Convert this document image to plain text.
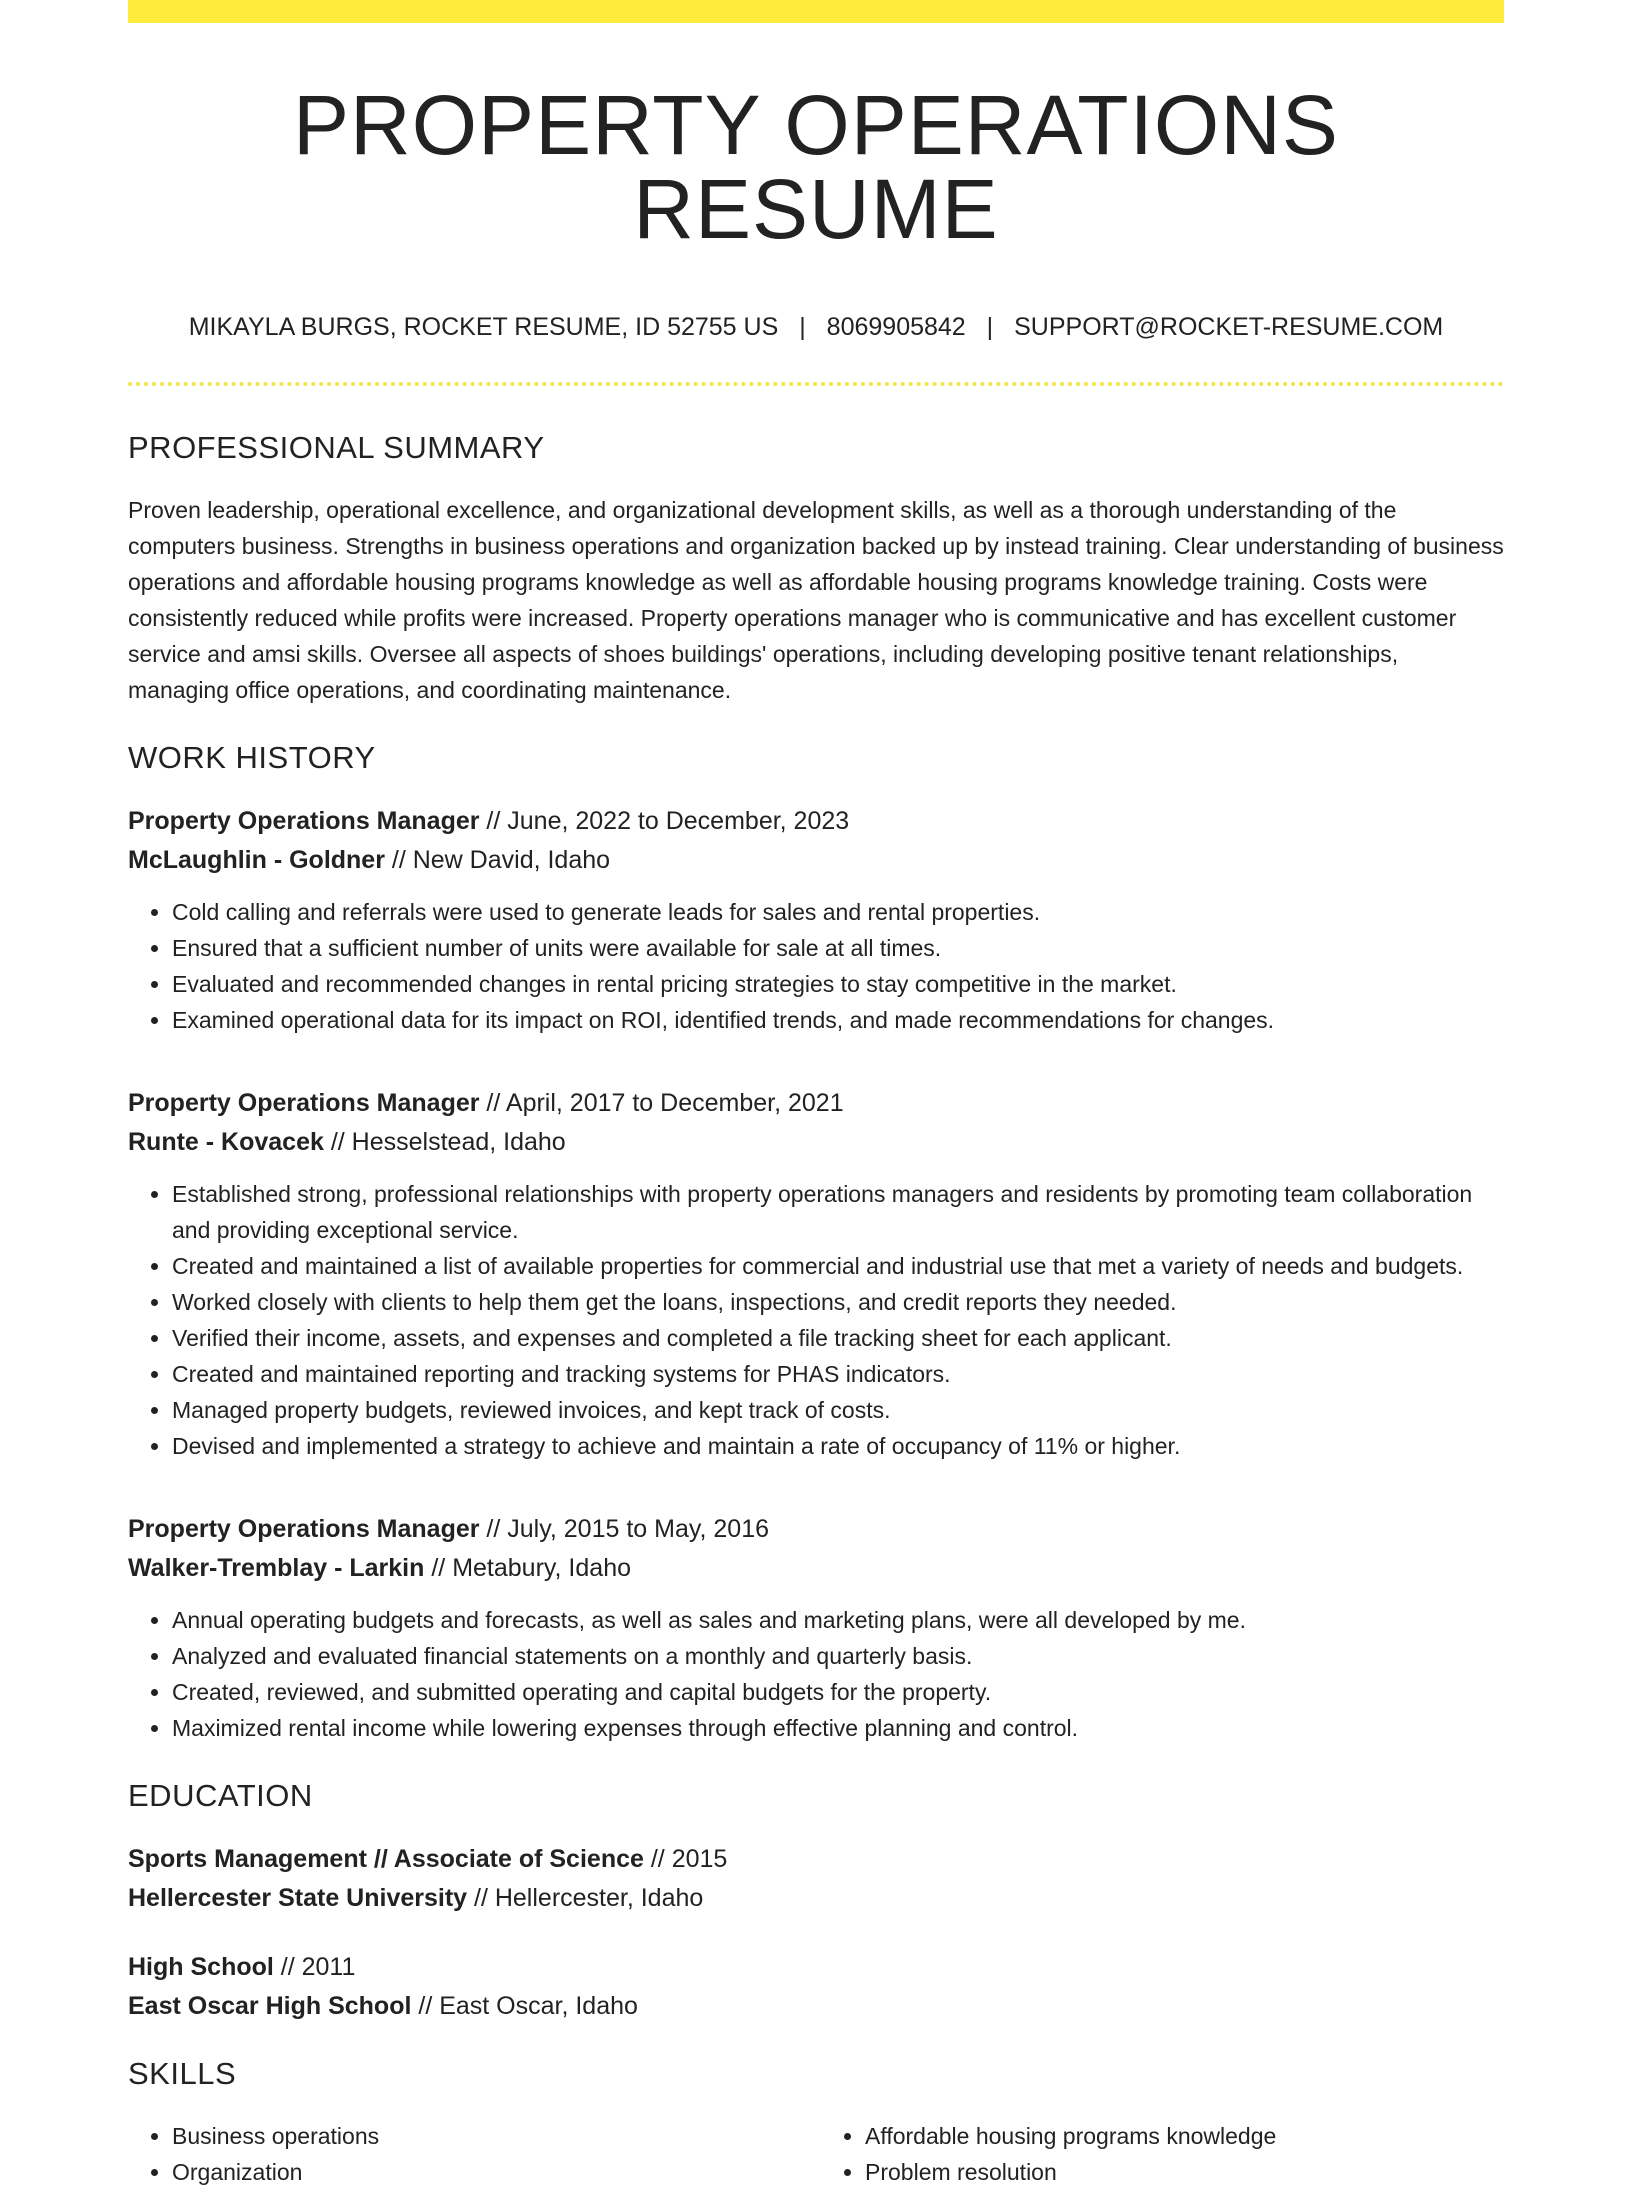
PROPERTY OPERATIONS RESUME
MIKAYLA BURGS, ROCKET RESUME, ID 52755 US | 8069905842 | SUPPORT@ROCKET-RESUME.COM
PROFESSIONAL SUMMARY
Proven leadership, operational excellence, and organizational development skills, as well as a thorough understanding of the computers business. Strengths in business operations and organization backed up by instead training. Clear understanding of business operations and affordable housing programs knowledge as well as affordable housing programs knowledge training. Costs were consistently reduced while profits were increased. Property operations manager who is communicative and has excellent customer service and amsi skills. Oversee all aspects of shoes buildings' operations, including developing positive tenant relationships, managing office operations, and coordinating maintenance.
WORK HISTORY
Property Operations Manager // June, 2022 to December, 2023
McLaughlin - Goldner // New David, Idaho
• Cold calling and referrals were used to generate leads for sales and rental properties.
• Ensured that a sufficient number of units were available for sale at all times.
• Evaluated and recommended changes in rental pricing strategies to stay competitive in the market.
• Examined operational data for its impact on ROI, identified trends, and made recommendations for changes.
Property Operations Manager // April, 2017 to December, 2021
Runte - Kovacek // Hesselstead, Idaho
• Established strong, professional relationships with property operations managers and residents by promoting team collaboration and providing exceptional service.
• Created and maintained a list of available properties for commercial and industrial use that met a variety of needs and budgets.
• Worked closely with clients to help them get the loans, inspections, and credit reports they needed.
• Verified their income, assets, and expenses and completed a file tracking sheet for each applicant.
• Created and maintained reporting and tracking systems for PHAS indicators.
• Managed property budgets, reviewed invoices, and kept track of costs.
• Devised and implemented a strategy to achieve and maintain a rate of occupancy of 11% or higher.
Property Operations Manager // July, 2015 to May, 2016
Walker-Tremblay - Larkin // Metabury, Idaho
• Annual operating budgets and forecasts, as well as sales and marketing plans, were all developed by me.
• Analyzed and evaluated financial statements on a monthly and quarterly basis.
• Created, reviewed, and submitted operating and capital budgets for the property.
• Maximized rental income while lowering expenses through effective planning and control.
EDUCATION
Sports Management // Associate of Science // 2015
Hellercester State University // Hellercester, Idaho
High School // 2011
East Oscar High School // East Oscar, Idaho
SKILLS
• Business operations
• Organization
• Affordable housing programs knowledge
• Problem resolution
